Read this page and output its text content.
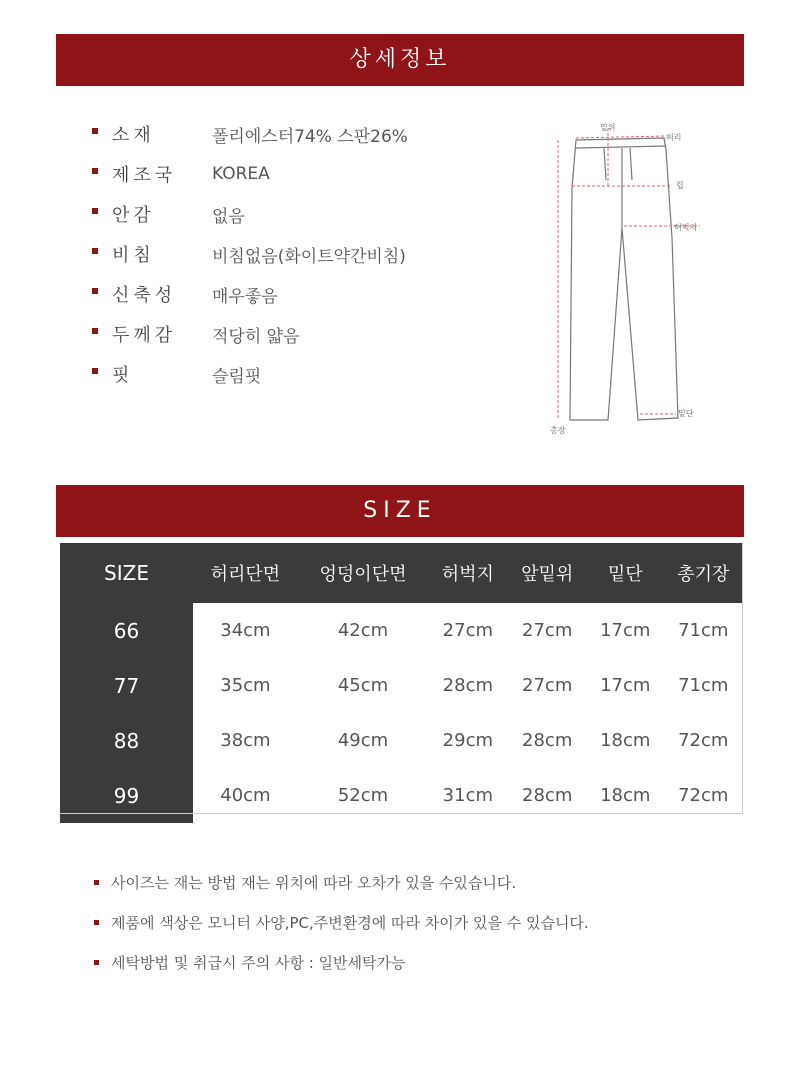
상세정보
소재	폴리에스터74% 스판26%
제조국	KOREA
안감	없음
비침	비침없음(화이트약간비침)
신축성	매우좋음
두께감	적당히 얇음
핏	슬림핏
밑위
허리
힙
허벅지
밑단
총장
SIZE
SIZE	허리단면	엉덩이단면	허벅지	앞밑위	밑단	총기장
66	34cm	42cm	27cm	27cm	17cm	71cm
77	35cm	45cm	28cm	27cm	17cm	71cm
88	38cm	49cm	29cm	28cm	18cm	72cm
99	40cm	52cm	31cm	28cm	18cm	72cm
사이즈는 재는 방법 재는 위치에 따라 오차가 있을 수있습니다.
제품에 색상은 모니터 사양,PC,주변환경에 따라 차이가 있을 수 있습니다.
세탁방법 및 취급시 주의 사항 : 일반세탁가능
